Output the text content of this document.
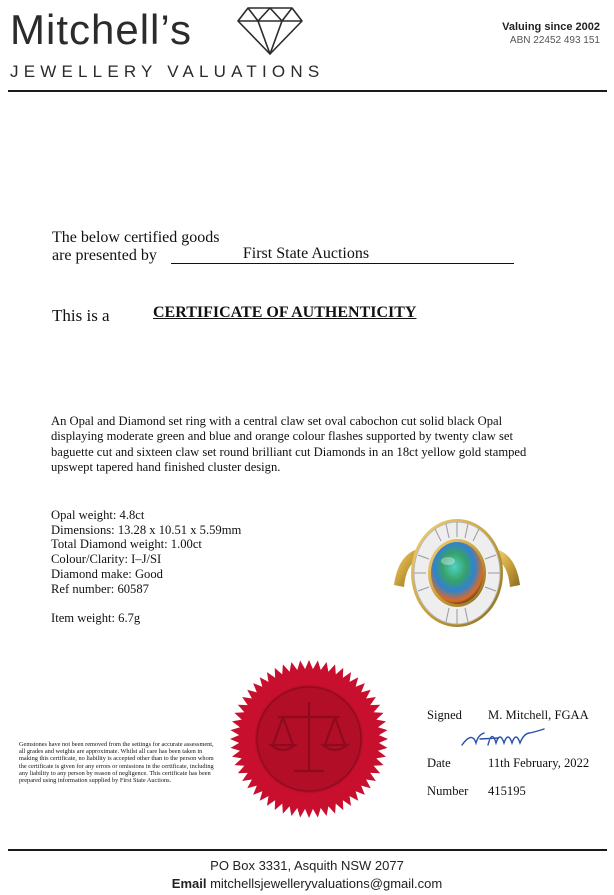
Mitchell’s
JEWELLERY VALUATIONS
Valuing since 2002
ABN 22452 493 151
The below certified goods
are presented by	First State Auctions
This is a	CERTIFICATE OF AUTHENTICITY
An Opal and Diamond set ring with a central claw set oval cabochon cut solid black Opal displaying moderate green and blue and orange colour flashes supported by twenty claw set baguette cut and sixteen claw set round brilliant cut Diamonds in an 18ct yellow gold stamped upswept tapered hand finished cluster design.
Opal weight: 4.8ct
Dimensions: 13.28 x 10.51 x 5.59mm
Total Diamond weight: 1.00ct
Colour/Clarity: I–J/SI
Diamond make: Good
Ref number: 60587
Item weight: 6.7g
Gemstones have not been removed from the settings for accurate assessment, all grades and weights are approximate. Whilst all care has been taken in making this certificate, no liability is accepted other than to the person whom the certificate is given for any errors or omissions in the certificate, including any liability to any person by reason of negligence. This certificate has been prepared using information supplied by First State Auctions.
Signed M. Mitchell, FGAA
Date	11th February, 2022
Number 415195
PO Box 3331, Asquith NSW 2077
Email mitchellsjewelleryvaluations@gmail.com
